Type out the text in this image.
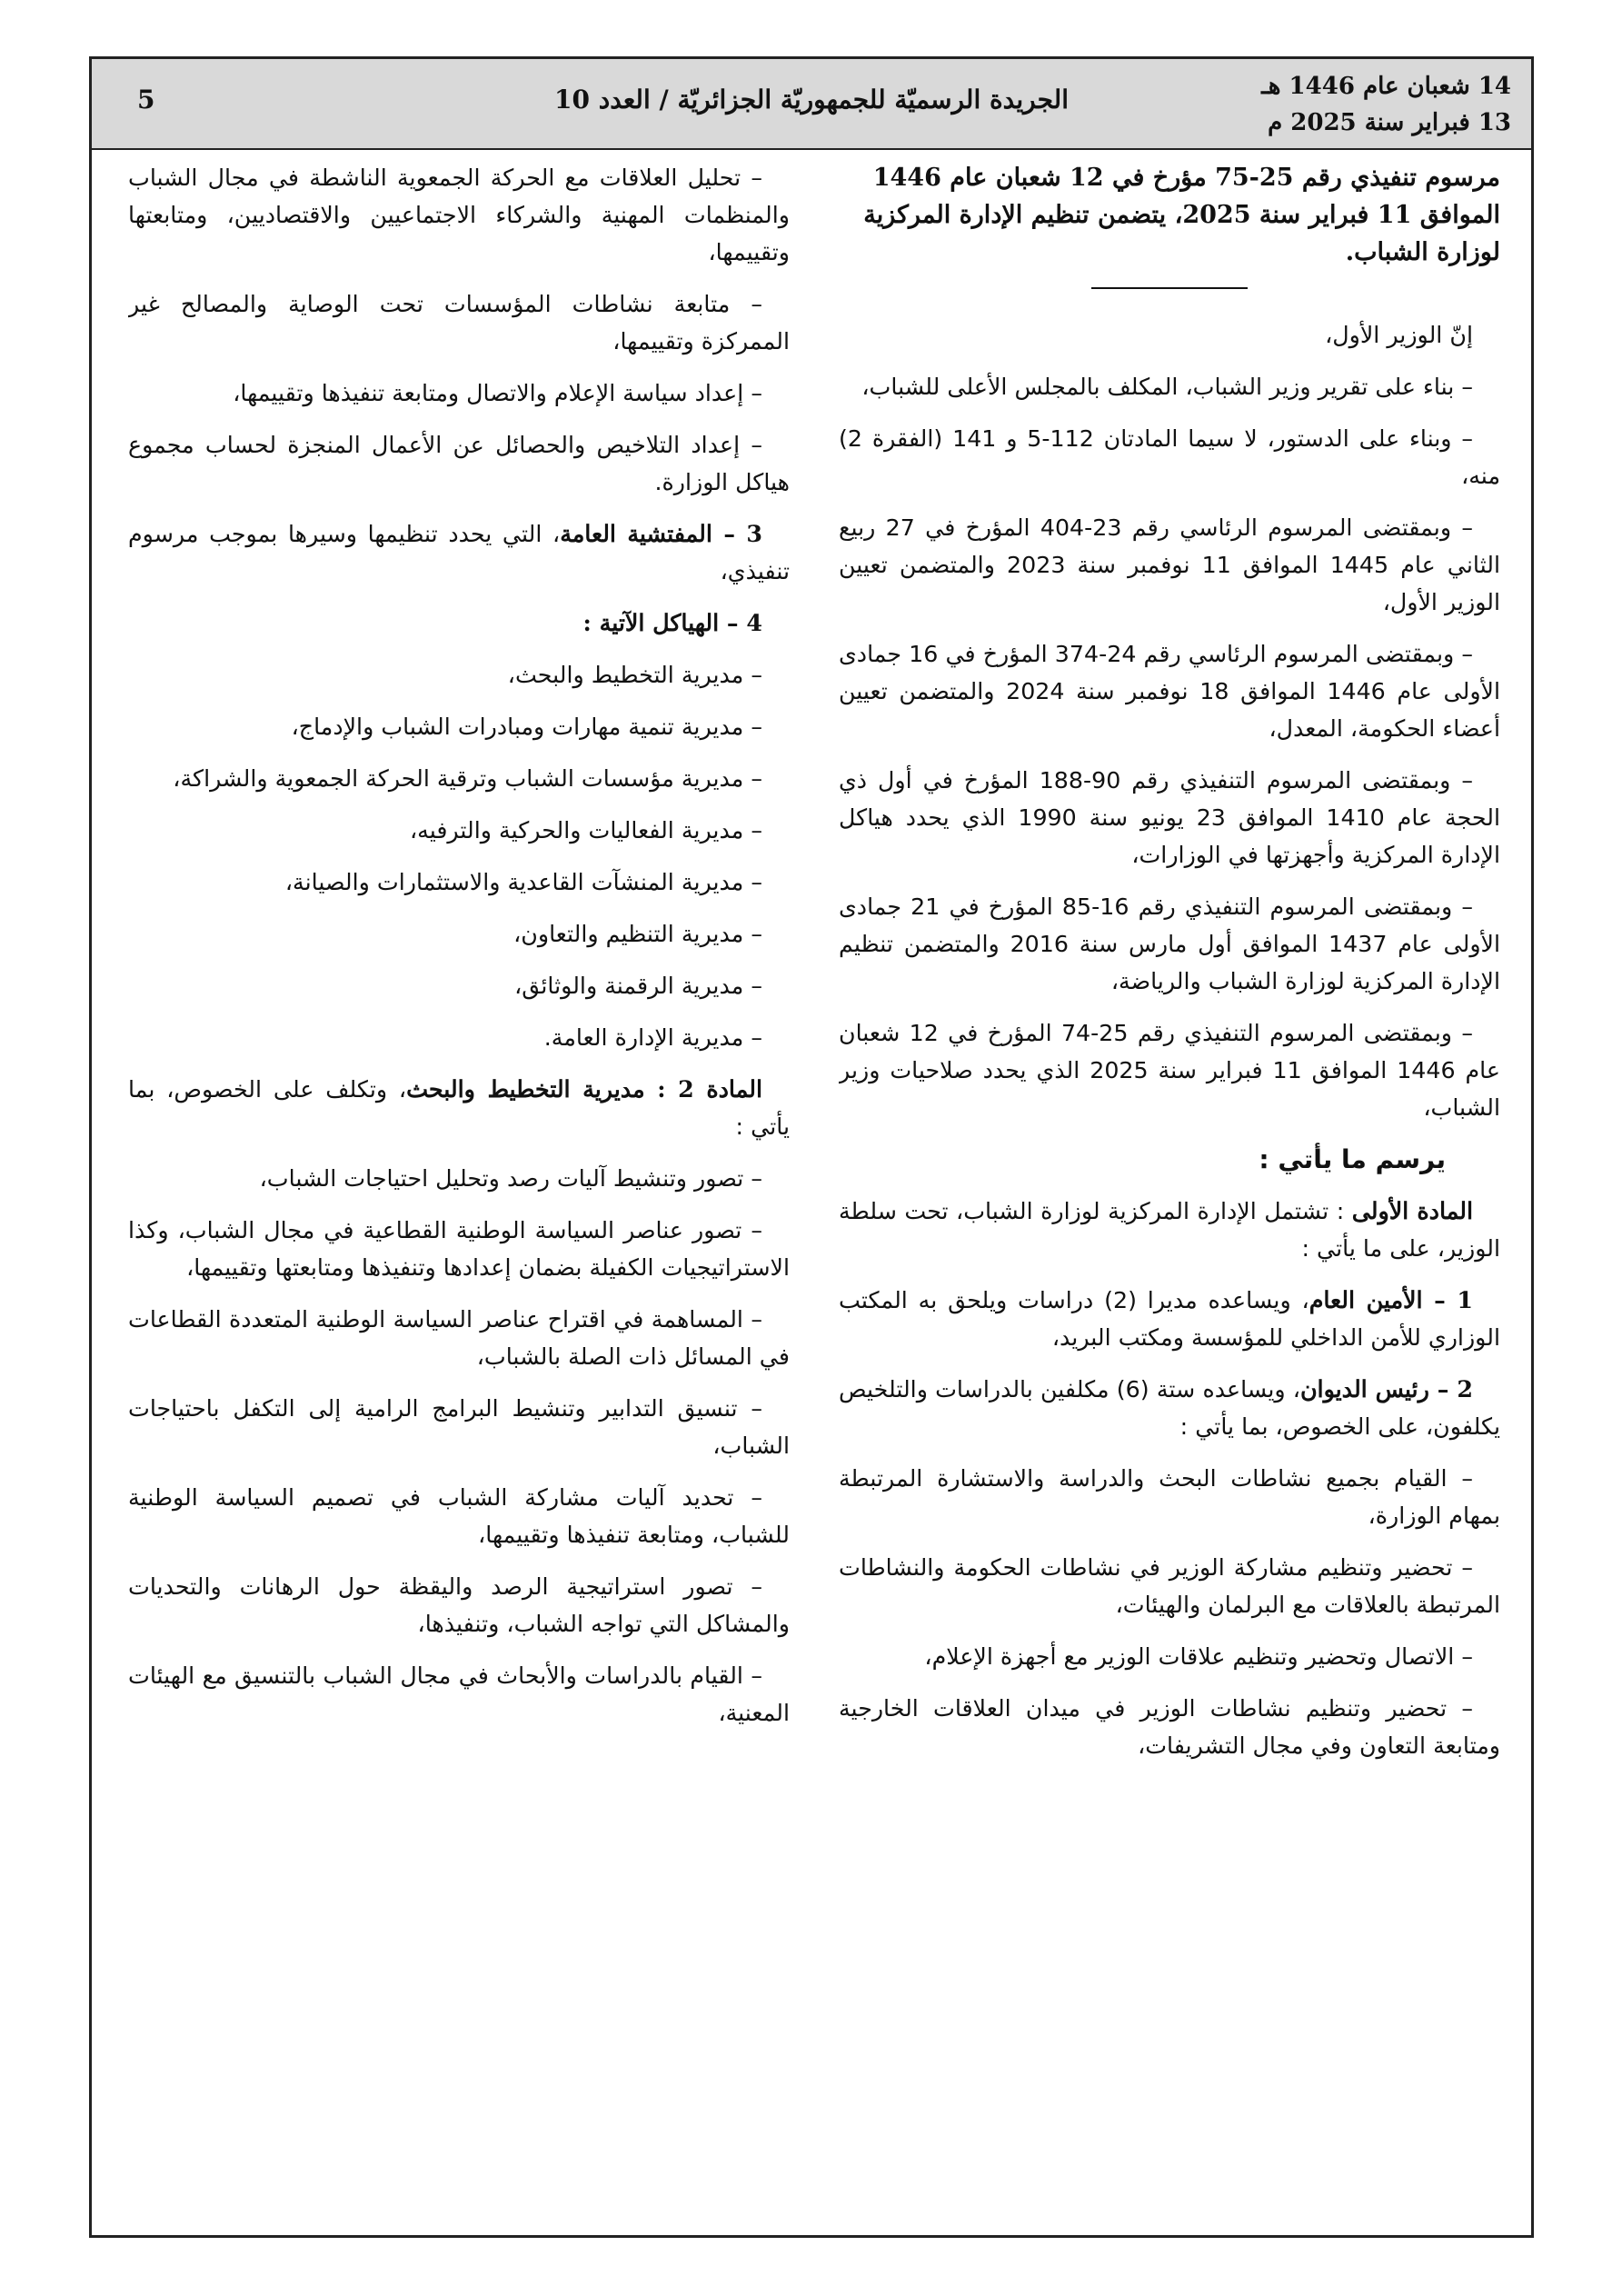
14 شعبان عام 1446 هـ
13 فبراير سنة 2025 م
الجريدة الرسميّة للجمهوريّة الجزائريّة / العدد 10
5
مرسوم تنفيذي رقم 25-75 مؤرخ في 12 شعبان عام 1446 الموافق 11 فبراير سنة 2025، يتضمن تنظيم الإدارة المركزية لوزارة الشباب.

إنّ الوزير الأول،

– بناء على تقرير وزير الشباب، المكلف بالمجلس الأعلى للشباب،

– وبناء على الدستور، لا سيما المادتان 112-5 و 141 (الفقرة 2) منه،

– وبمقتضى المرسوم الرئاسي رقم 23-404 المؤرخ في 27 ربيع الثاني عام 1445 الموافق 11 نوفمبر سنة 2023 والمتضمن تعيين الوزير الأول،

– وبمقتضى المرسوم الرئاسي رقم 24-374 المؤرخ في 16 جمادى الأولى عام 1446 الموافق 18 نوفمبر سنة 2024 والمتضمن تعيين أعضاء الحكومة، المعدل،

– وبمقتضى المرسوم التنفيذي رقم 90-188 المؤرخ في أول ذي الحجة عام 1410 الموافق 23 يونيو سنة 1990 الذي يحدد هياكل الإدارة المركزية وأجهزتها في الوزارات،

– وبمقتضى المرسوم التنفيذي رقم 16-85 المؤرخ في 21 جمادى الأولى عام 1437 الموافق أول مارس سنة 2016 والمتضمن تنظيم الإدارة المركزية لوزارة الشباب والرياضة،

– وبمقتضى المرسوم التنفيذي رقم 25-74 المؤرخ في 12 شعبان عام 1446 الموافق 11 فبراير سنة 2025 الذي يحدد صلاحيات وزير الشباب،

يرسم ما يأتي :

المادة الأولى : تشتمل الإدارة المركزية لوزارة الشباب، تحت سلطة الوزير، على ما يأتي :

1 – الأمين العام، ويساعده مديرا (2) دراسات ويلحق به المكتب الوزاري للأمن الداخلي للمؤسسة ومكتب البريد،

2 – رئيس الديوان، ويساعده ستة (6) مكلفين بالدراسات والتلخيص يكلفون، على الخصوص، بما يأتي :

– القيام بجميع نشاطات البحث والدراسة والاستشارة المرتبطة بمهام الوزارة،

– تحضير وتنظيم مشاركة الوزير في نشاطات الحكومة والنشاطات المرتبطة بالعلاقات مع البرلمان والهيئات،

– الاتصال وتحضير وتنظيم علاقات الوزير مع أجهزة الإعلام،

– تحضير وتنظيم نشاطات الوزير في ميدان العلاقات الخارجية ومتابعة التعاون وفي مجال التشريفات،

– تحليل العلاقات مع الحركة الجمعوية الناشطة في مجال الشباب والمنظمات المهنية والشركاء الاجتماعيين والاقتصاديين، ومتابعتها وتقييمها،

– متابعة نشاطات المؤسسات تحت الوصاية والمصالح غير الممركزة وتقييمها،

– إعداد سياسة الإعلام والاتصال ومتابعة تنفيذها وتقييمها،

– إعداد التلاخيص والحصائل عن الأعمال المنجزة لحساب مجموع هياكل الوزارة.

3 – المفتشية العامة، التي يحدد تنظيمها وسيرها بموجب مرسوم تنفيذي،

4 – الهياكل الآتية :

– مديرية التخطيط والبحث،

– مديرية تنمية مهارات ومبادرات الشباب والإدماج،

– مديرية مؤسسات الشباب وترقية الحركة الجمعوية والشراكة،

– مديرية الفعاليات والحركية والترفيه،

– مديرية المنشآت القاعدية والاستثمارات والصيانة،

– مديرية التنظيم والتعاون،

– مديرية الرقمنة والوثائق،

– مديرية الإدارة العامة.

المادة 2 : مديرية التخطيط والبحث، وتكلف على الخصوص، بما يأتي :

– تصور وتنشيط آليات رصد وتحليل احتياجات الشباب،

– تصور عناصر السياسة الوطنية القطاعية في مجال الشباب، وكذا الاستراتيجيات الكفيلة بضمان إعدادها وتنفيذها ومتابعتها وتقييمها،

– المساهمة في اقتراح عناصر السياسة الوطنية المتعددة القطاعات في المسائل ذات الصلة بالشباب،

– تنسيق التدابير وتنشيط البرامج الرامية إلى التكفل باحتياجات الشباب،

– تحديد آليات مشاركة الشباب في تصميم السياسة الوطنية للشباب، ومتابعة تنفيذها وتقييمها،

– تصور استراتيجية الرصد واليقظة حول الرهانات والتحديات والمشاكل التي تواجه الشباب، وتنفيذها،

– القيام بالدراسات والأبحاث في مجال الشباب بالتنسيق مع الهيئات المعنية،
